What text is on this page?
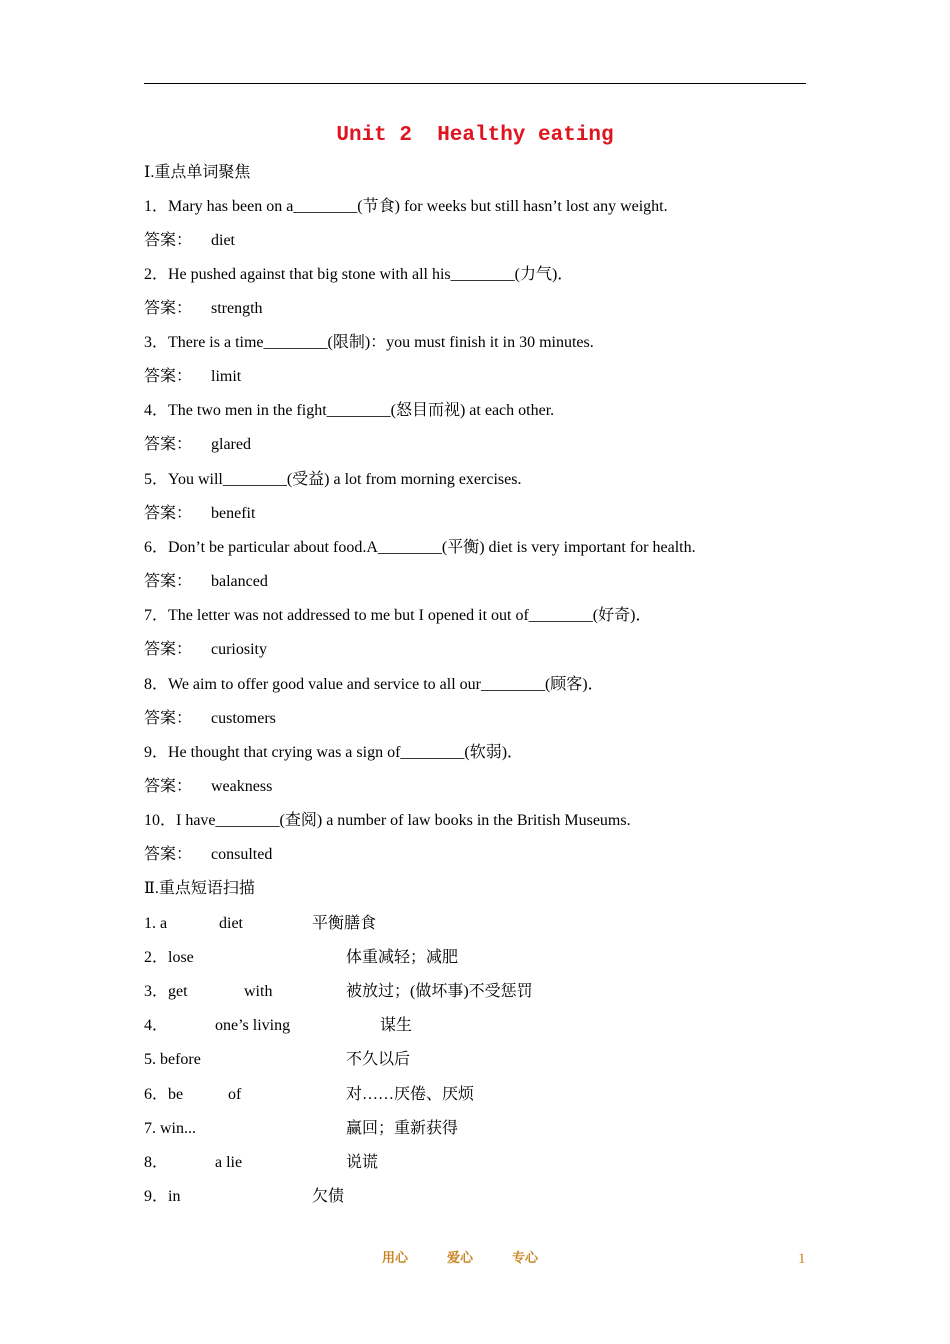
Unit 2  Healthy eating
Ⅰ.重点单词聚焦
1．Mary has been on a________(节食) for weeks but still hasn’t lost any weight.
答案： diet
2．He pushed against that big stone with all his________(力气)．
答案： strength
3．There is a time________(限制)：you must finish it in 30 minutes.
答案： limit
4．The two men in the fight________(怒目而视) at each other.
答案： glared
5．You will________(受益) a lot from morning exercises.
答案： benefit
6．Don’t be particular about food.A________(平衡) diet is very important for health.
答案： balanced
7．The letter was not addressed to me but I opened it out of________(好奇)．
答案： curiosity
8．We aim to offer good value and service to all our________(顾客)．
答案： customers
9．He thought that crying was a sign of________(软弱)．
答案： weakness
10．I have________(查阅) a number of law books in the British Museums.
答案： consulted
Ⅱ.重点短语扫描
1. a	diet	平衡膳食
2．lose	体重减轻；减肥
3．get	with	被放过；(做坏事)不受惩罚
4．	one’s living	谋生
5. before	不久以后
6．be	of	对……厌倦、厌烦
7. win...	赢回；重新获得
8．	a lie	说谎
9．in	欠债
用心	爱心	专心	1
